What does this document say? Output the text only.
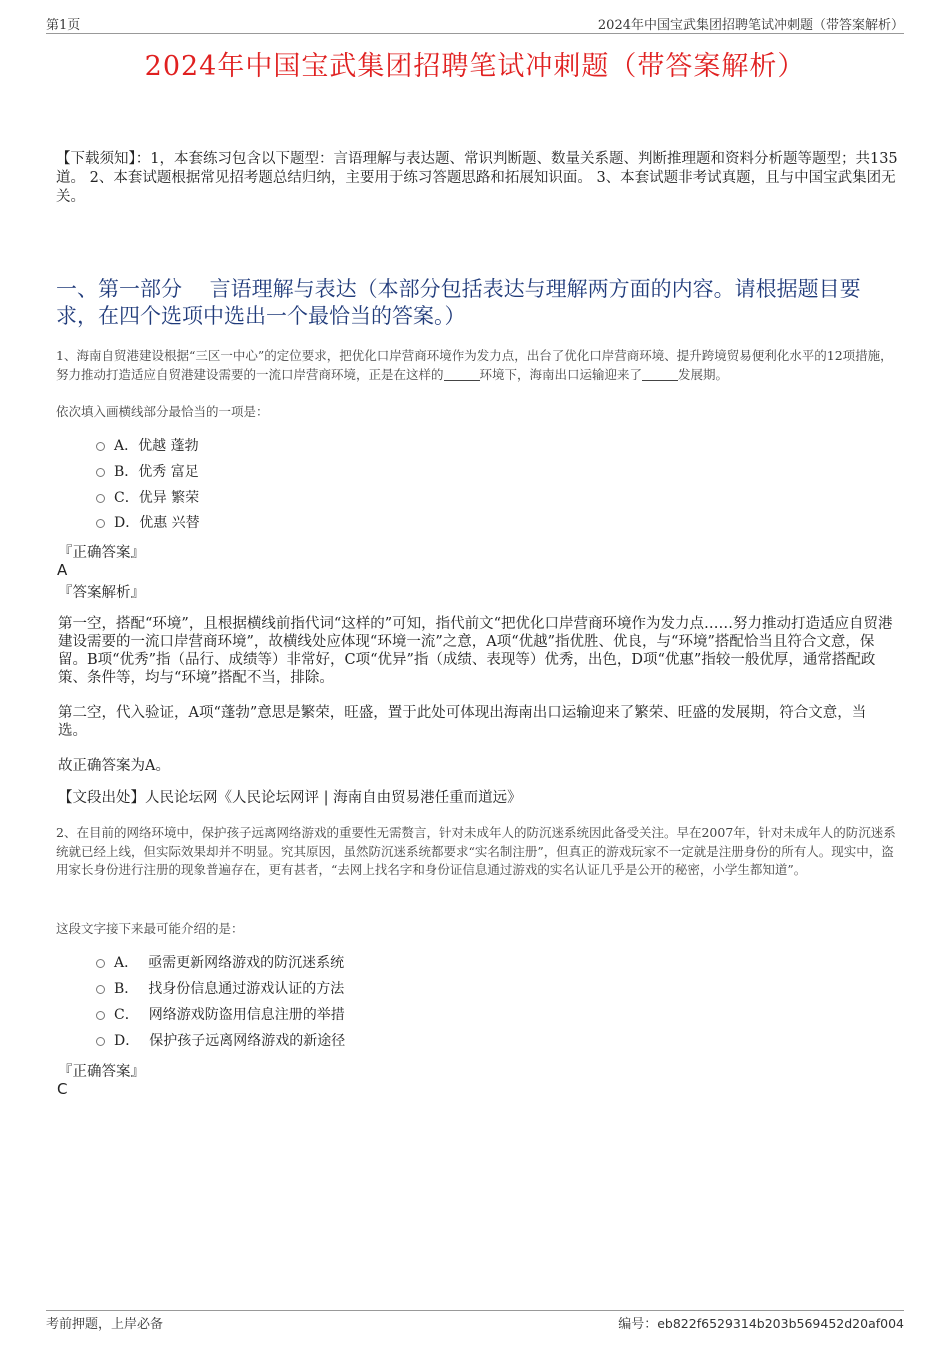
第1页	2024年中国宝武集团招聘笔试冲刺题（带答案解析）
2024年中国宝武集团招聘笔试冲刺题（带答案解析）
【下载须知】：1，本套练习包含以下题型：言语理解与表达题、常识判断题、数量关系题、判断推理题和资料分析题等题型；共135道。 2、本套试题根据常见招考题总结归纳，主要用于练习答题思路和拓展知识面。 3、本套试题非考试真题，且与中国宝武集团无关。
一、第一部分　 言语理解与表达（本部分包括表达与理解两方面的内容。请根据题目要求，在四个选项中选出一个最恰当的答案。）
1、海南自贸港建设根据“三区一中心”的定位要求，把优化口岸营商环境作为发力点，出台了优化口岸营商环境、提升跨境贸易便利化水平的12项措施，努力推动打造适应自贸港建设需要的一流口岸营商环境，正是在这样的	环境下，海南出口运输迎来了	发展期。
依次填入画横线部分最恰当的一项是：
A．优越 蓬勃
B．优秀 富足
C．优异 繁荣
D．优惠 兴替
『正确答案』
A
『答案解析』
第一空，搭配“环境”，且根据横线前指代词“这样的”可知，指代前文“把优化口岸营商环境作为发力点……努力推动打造适应自贸港建设需要的一流口岸营商环境”，故横线处应体现“环境一流”之意，A项“优越”指优胜、优良，与“环境”搭配恰当且符合文意，保留。B项“优秀”指（品行、成绩等）非常好，C项“优异”指（成绩、表现等）优秀，出色，D项“优惠”指较一般优厚，通常搭配政策、条件等，均与“环境”搭配不当，排除。
第二空，代入验证，A项“蓬勃”意思是繁荣，旺盛，置于此处可体现出海南出口运输迎来了繁荣、旺盛的发展期，符合文意，当选。
故正确答案为A。
【文段出处】人民论坛网《人民论坛网评 | 海南自由贸易港任重而道远》
2、在目前的网络环境中，保护孩子远离网络游戏的重要性无需赘言，针对未成年人的防沉迷系统因此备受关注。早在2007年，针对未成年人的防沉迷系统就已经上线，但实际效果却并不明显。究其原因，虽然防沉迷系统都要求“实名制注册”，但真正的游戏玩家不一定就是注册身份的所有人。现实中，盗用家长身份进行注册的现象普遍存在，更有甚者，“去网上找名字和身份证信息通过游戏的实名认证几乎是公开的秘密，小学生都知道”。
这段文字接下来最可能介绍的是：
A． 亟需更新网络游戏的防沉迷系统
B． 找身份信息通过游戏认证的方法
C． 网络游戏防盗用信息注册的举措
D． 保护孩子远离网络游戏的新途径
『正确答案』
C
考前押题，上岸必备	编号：eb822f6529314b203b569452d20af004
